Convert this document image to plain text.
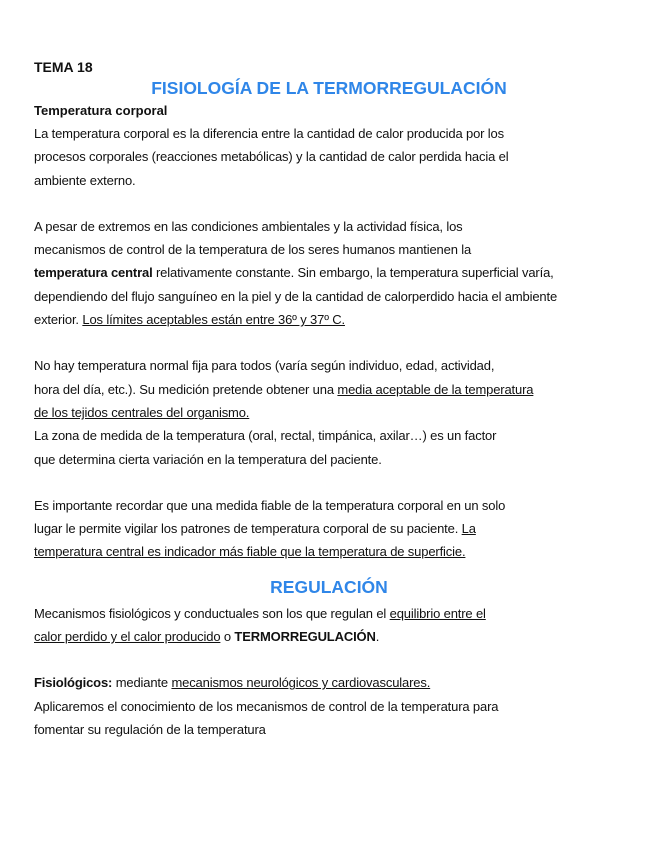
TEMA 18
FISIOLOGÍA DE LA TERMORREGULACIÓN
Temperatura corporal

La temperatura corporal es la diferencia entre la cantidad de calor producida por los

procesos corporales (reacciones metabólicas) y la cantidad de calor perdida hacia el

ambiente externo.

A pesar de extremos en las condiciones ambientales y la actividad física, los

mecanismos de control de la temperatura de los seres humanos mantienen la

temperatura central relativamente constante. Sin embargo, la temperatura superficial varía,

dependiendo del flujo sanguíneo en la piel y de la cantidad de calorperdido hacia el ambiente

exterior. Los límites aceptables están entre 36º y 37º C.

No hay temperatura normal fija para todos (varía según individuo, edad, actividad,

hora del día, etc.). Su medición pretende obtener una media aceptable de la temperatura

de los tejidos centrales del organismo.

La zona de medida de la temperatura (oral, rectal, timpánica, axilar…) es un factor

que determina cierta variación en la temperatura del paciente.

Es importante recordar que una medida fiable de la temperatura corporal en un solo

lugar le permite vigilar los patrones de temperatura corporal de su paciente. La

temperatura central es indicador más fiable que la temperatura de superficie.

REGULACIÓN

Mecanismos fisiológicos y conductuales son los que regulan el equilibrio entre el

calor perdido y el calor producido o TERMORREGULACIÓN.

Fisiológicos: mediante mecanismos neurológicos y cardiovasculares.

Aplicaremos el conocimiento de los mecanismos de control de la temperatura para

fomentar su regulación de la temperatura
